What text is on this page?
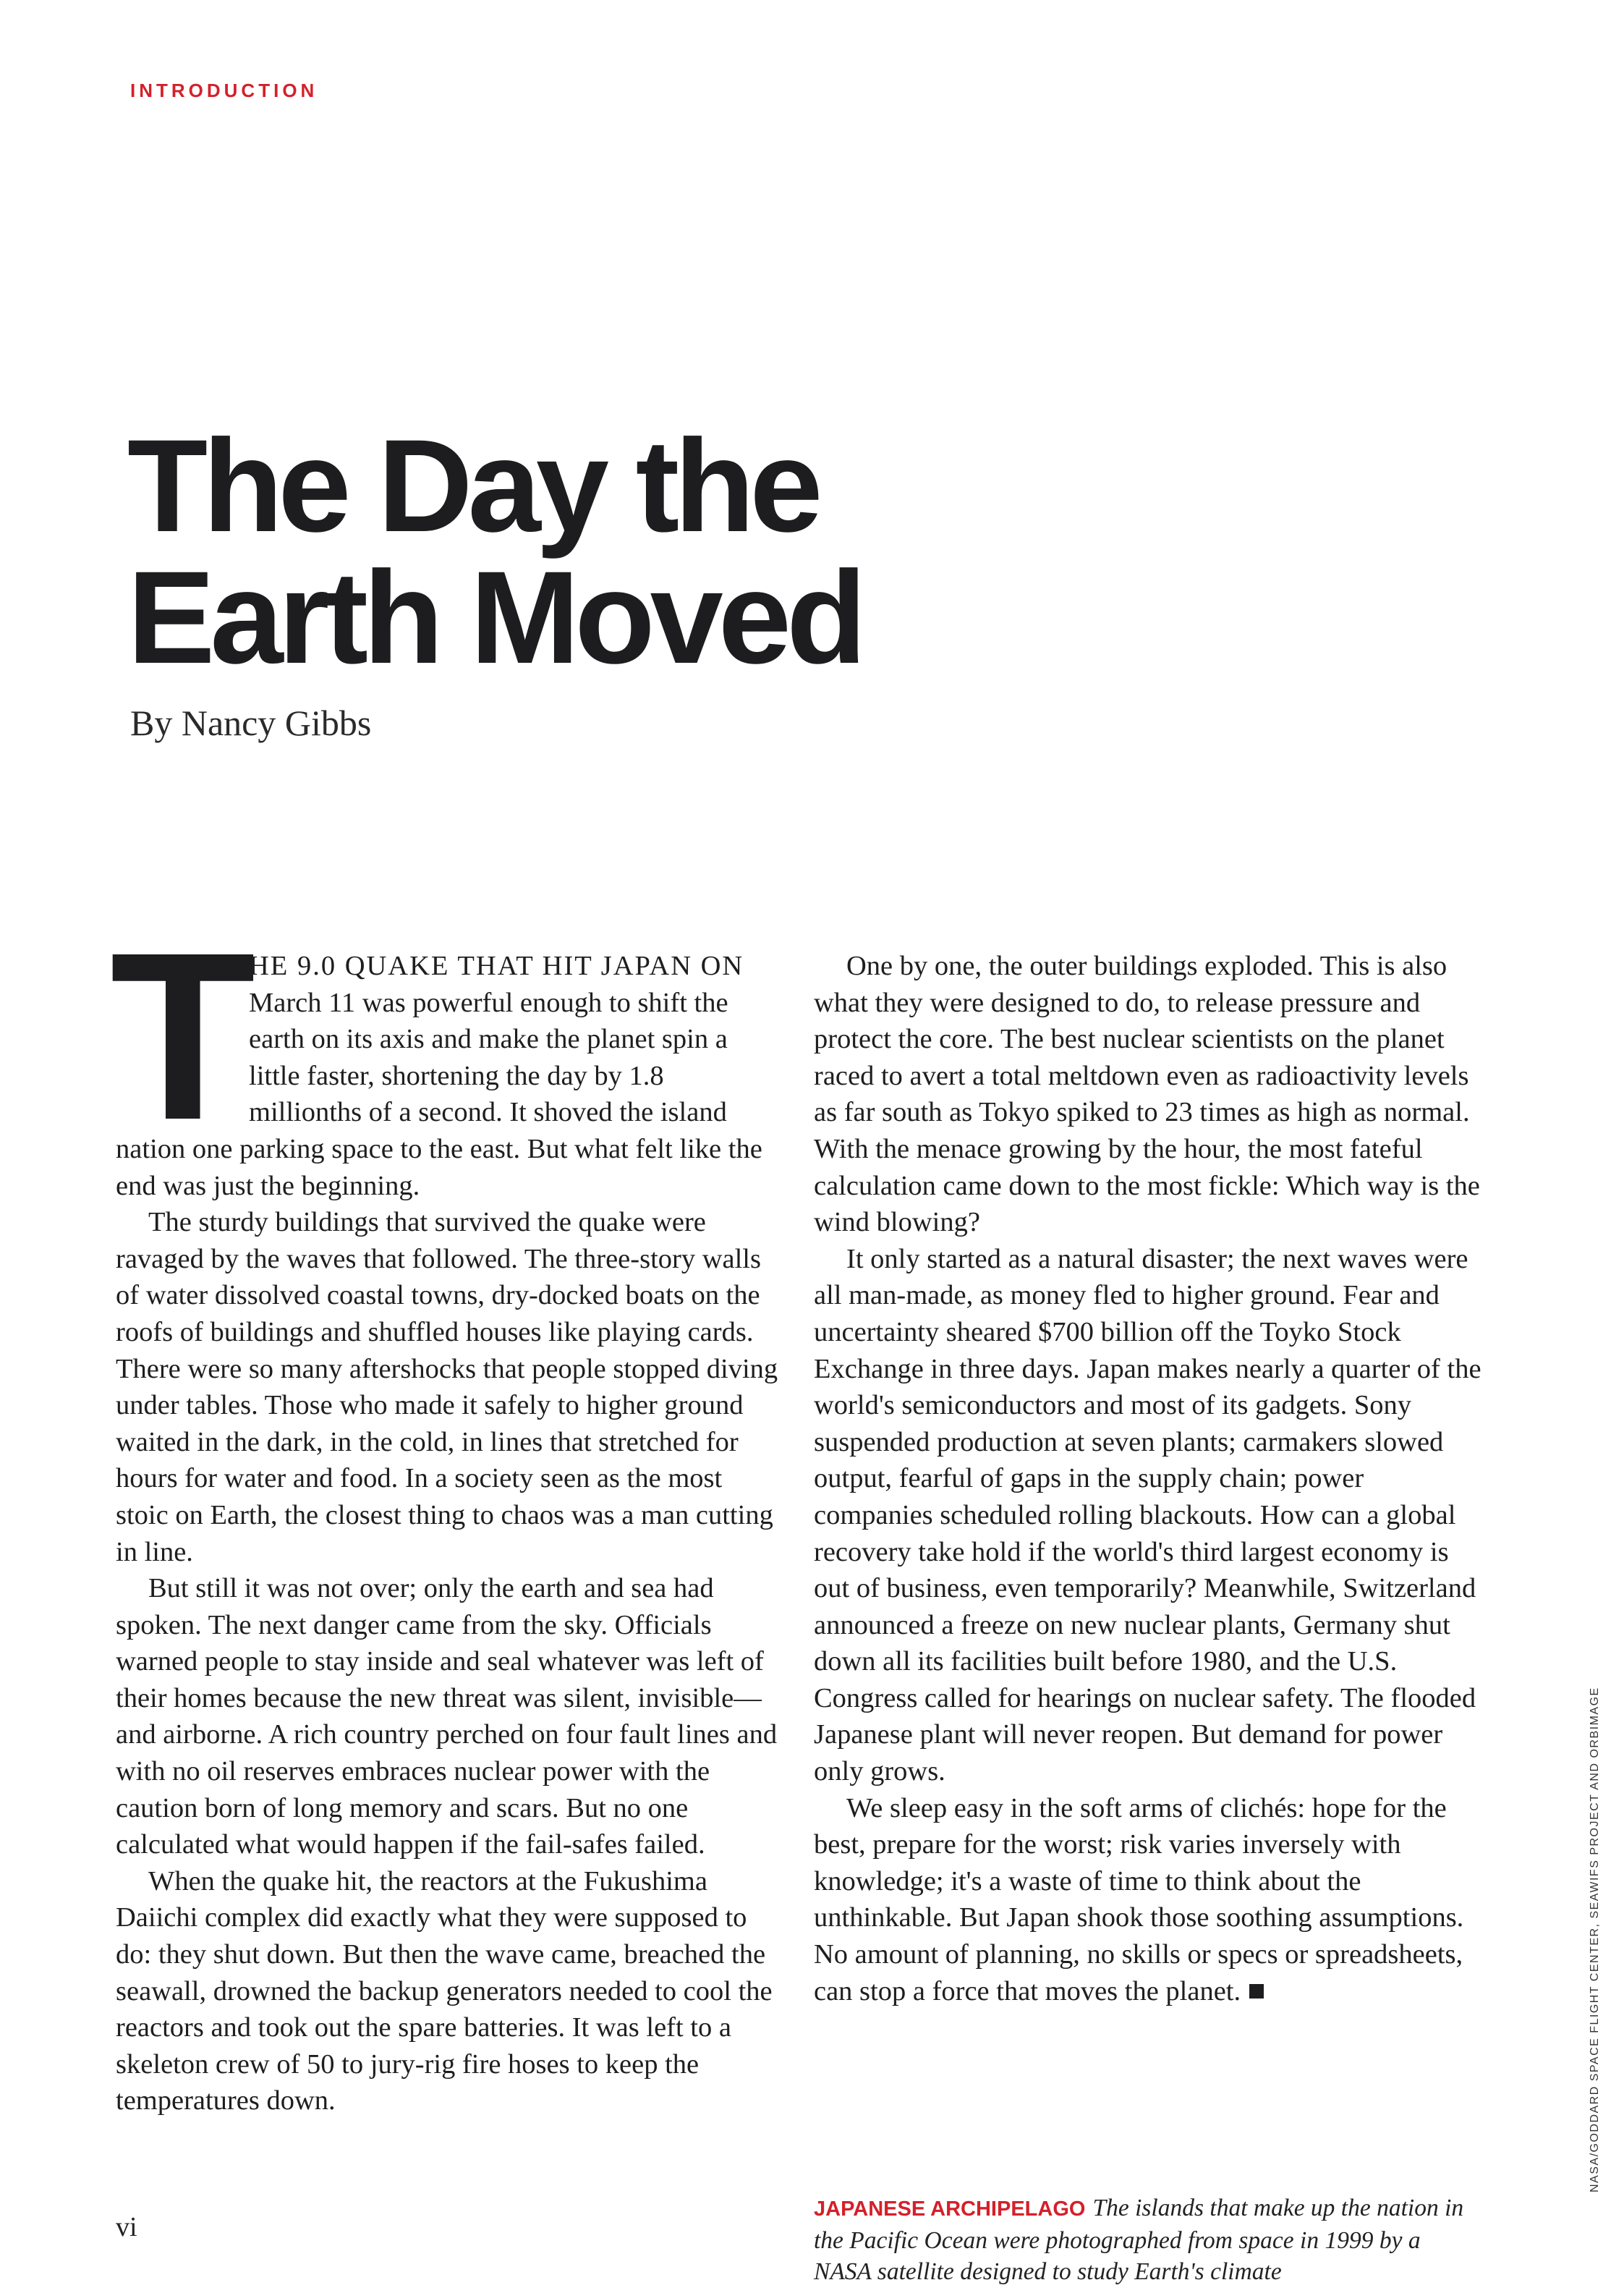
INTRODUCTION
The Day the
Earth Moved
By Nancy Gibbs

T
HE 9.0 QUAKE THAT HIT JAPAN ON March 11 was powerful enough to shift the earth on its axis and make the planet spin a little faster, shortening the day by 1.8 millionths of a second. It shoved the island nation one parking space to the east. But what felt like the end was just the beginning.

The sturdy buildings that survived the quake were ravaged by the waves that followed. The three-story walls of water dissolved coastal towns, dry-docked boats on the roofs of buildings and shuffled houses like playing cards. There were so many aftershocks that people stopped diving under tables. Those who made it safely to higher ground waited in the dark, in the cold, in lines that stretched for hours for water and food. In a society seen as the most stoic on Earth, the closest thing to chaos was a man cutting in line.

But still it was not over; only the earth and sea had spoken. The next danger came from the sky. Officials warned people to stay inside and seal whatever was left of their homes because the new threat was silent, invisible—and airborne. A rich country perched on four fault lines and with no oil reserves embraces nuclear power with the caution born of long memory and scars. But no one calculated what would happen if the fail-safes failed.

When the quake hit, the reactors at the Fukushima Daiichi complex did exactly what they were supposed to do: they shut down. But then the wave came, breached the seawall, drowned the backup generators needed to cool the reactors and took out the spare batteries. It was left to a skeleton crew of 50 to jury-rig fire hoses to keep the temperatures down.

One by one, the outer buildings exploded. This is also what they were designed to do, to release pressure and protect the core. The best nuclear scientists on the planet raced to avert a total meltdown even as radioactivity levels as far south as Tokyo spiked to 23 times as high as normal. With the menace growing by the hour, the most fateful calculation came down to the most fickle: Which way is the wind blowing?

It only started as a natural disaster; the next waves were all man-made, as money fled to higher ground. Fear and uncertainty sheared $700 billion off the Toyko Stock Exchange in three days. Japan makes nearly a quarter of the world's semiconductors and most of its gadgets. Sony suspended production at seven plants; carmakers slowed output, fearful of gaps in the supply chain; power companies scheduled rolling blackouts. How can a global recovery take hold if the world's third largest economy is out of business, even temporarily? Meanwhile, Switzerland announced a freeze on new nuclear plants, Germany shut down all its facilities built before 1980, and the U.S. Congress called for hearings on nuclear safety. The flooded Japanese plant will never reopen. But demand for power only grows.

We sleep easy in the soft arms of clichés: hope for the best, prepare for the worst; risk varies inversely with knowledge; it's a waste of time to think about the unthinkable. But Japan shook those soothing assumptions. No amount of planning, no skills or specs or spreadsheets, can stop a force that moves the planet.

JAPANESE ARCHIPELAGO The islands that make up the nation in the Pacific Ocean were photographed from space in 1999 by a NASA satellite designed to study Earth's climate
NASA/GODDARD SPACE FLIGHT CENTER, SEAWIFS PROJECT AND ORBIMAGE
vi
